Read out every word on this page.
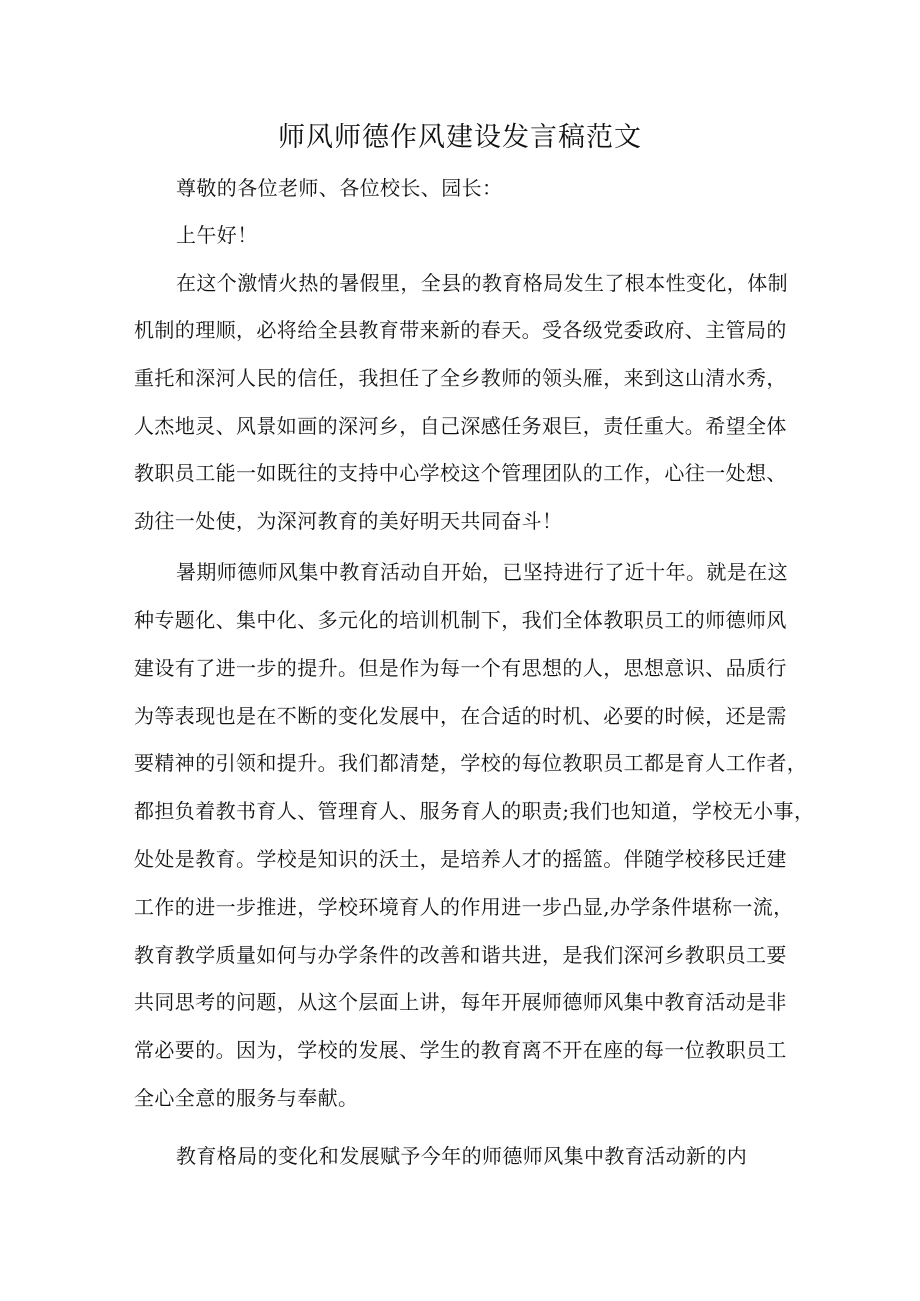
师风师德作风建设发言稿范文

尊敬的各位老师、各位校长、园长：

上午好！

在这个激情火热的暑假里，全县的教育格局发生了根本性变化，体制

机制的理顺，必将给全县教育带来新的春天。受各级党委政府、主管局的

重托和深河人民的信任，我担任了全乡教师的领头雁，来到这山清水秀，

人杰地灵、风景如画的深河乡，自己深感任务艰巨，责任重大。希望全体

教职员工能一如既往的支持中心学校这个管理团队的工作，心往一处想、

劲往一处使，为深河教育的美好明天共同奋斗！

暑期师德师风集中教育活动自开始，已坚持进行了近十年。就是在这

种专题化、集中化、多元化的培训机制下，我们全体教职员工的师德师风

建设有了进一步的提升。但是作为每一个有思想的人，思想意识、品质行

为等表现也是在不断的变化发展中，在合适的时机、必要的时候，还是需

要精神的引领和提升。我们都清楚，学校的每位教职员工都是育人工作者，

都担负着教书育人、管理育人、服务育人的职责;我们也知道，学校无小事，

处处是教育。学校是知识的沃土，是培养人才的摇篮。伴随学校移民迁建

工作的进一步推进，学校环境育人的作用进一步凸显,办学条件堪称一流，

教育教学质量如何与办学条件的改善和谐共进，是我们深河乡教职员工要

共同思考的问题，从这个层面上讲，每年开展师德师风集中教育活动是非

常必要的。因为，学校的发展、学生的教育离不开在座的每一位教职员工

全心全意的服务与奉献。

教育格局的变化和发展赋予今年的师德师风集中教育活动新的内
